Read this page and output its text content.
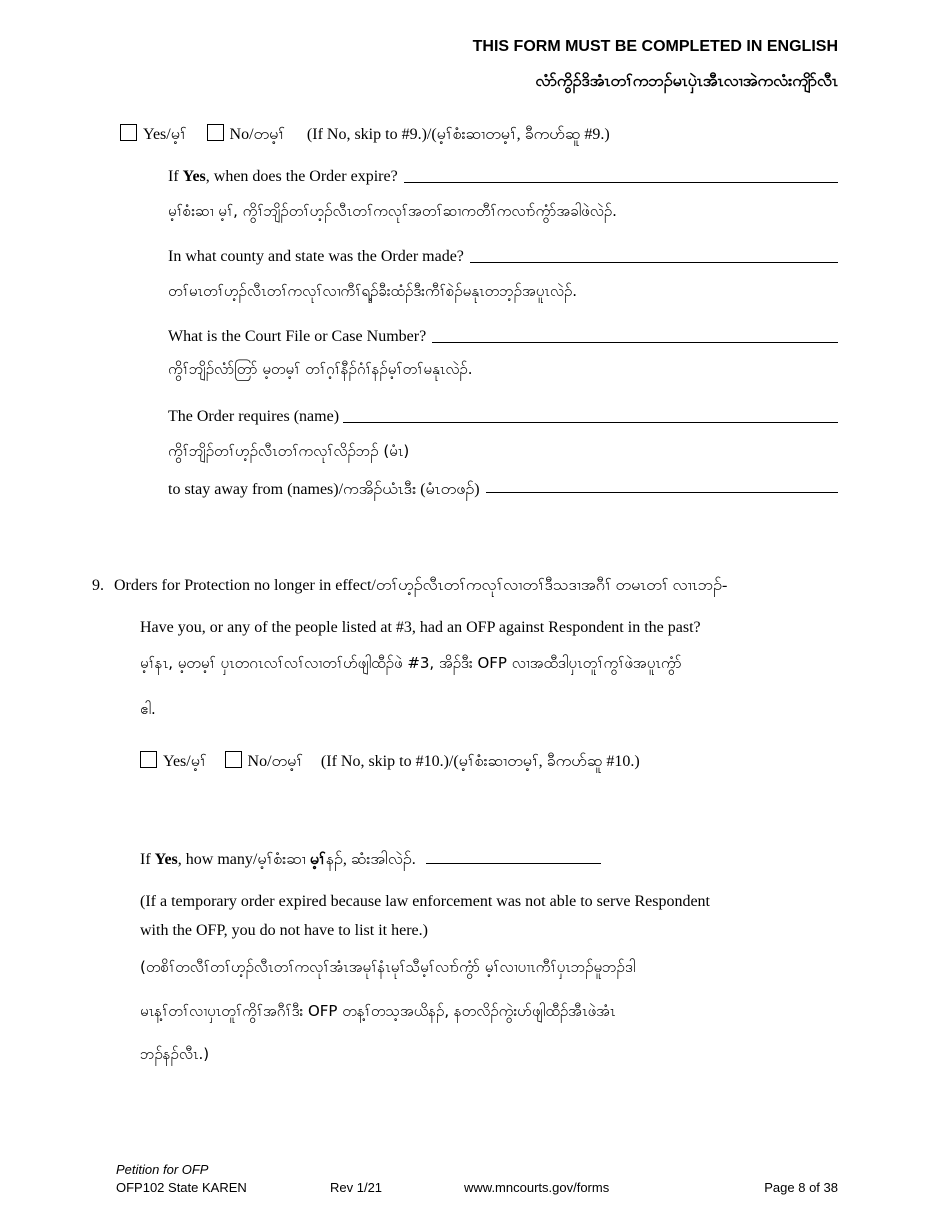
THIS FORM MUST BE COMPLETED IN ENGLISH
လံာ်ကွိၣ်ဒိအံၤတၢ်ကဘၣ်မၤပှဲၤအီၤလၢအဲကလံးကျိာ်လီၤ
Yes/မ့ၢ်	No/တမ့ၢ် (If No, skip to #9.)/(မ့ၢ်စံးဆၢတမ့ၢ်, ခီကဟ်ဆူ #9.)
If Yes, when does the Order expire?
မ့ၢ်စံးဆၢ မ့ၢ်, ကွိၢ်ဘျိၣ်တၢ်ဟ့ၣ်လီၤတၢ်ကလုၢ်အတၢ်ဆၢကတီၢ်ကလၢာ်ကွံာ်အခါဖဲလဲၣ်.
In what county and state was the Order made?
တၢ်မၤတၢ်ဟ့ၣ်လီၤတၢ်ကလုၢ်လၢကီၢ်ရ့ၣ်ခီးထံၣ်ဒီးကီၢ်စဲၣ်မနုၤတဘ့ၣ်အပူၤလဲၣ်.
What is the Court File or Case Number?
ကွိၢ်ဘျိၣ်လံာ်တြာ် မ့တမ့ၢ် တၢ်ဂ့ၢ်နီၣ်ဂံၢ်နၣ်မ့ၢ်တၢ်မနုၤလဲၣ်.
The Order requires (name)
ကွိၢ်ဘျိၣ်တၢ်ဟ့ၣ်လီၤတၢ်ကလုၢ်လိၣ်ဘၣ် (မံၤ)
to stay away from (names)/ကအိၣ်ယံၤဒီး (မံၤတဖၣ်)
9. Orders for Protection no longer in effect/တၢ်ဟ့ၣ်လီၤတၢ်ကလုၢ်လၢတၢ်ဒီသဒၢအဂီၢ် တမၤတၢ် လၢၤဘၣ်-
Have you, or any of the people listed at #3, had an OFP against Respondent in the past?
မ့ၢ်နၤ, မ့တမ့ၢ် ပှၤတဂၤလၢ်လၢ်လၢတၢ်ဟ်ဖျါထီၣ်ဖဲ #3, အိၣ်ဒီး OFP လၢအထီဒါပှၤတူၢ်ကွၢ်ဖဲအပူၤကွံာ်
ဧါ.
Yes/မ့ၢ်	No/တမ့ၢ် (If No, skip to #10.)/(မ့ၢ်စံးဆၢတမ့ၢ်, ခီကဟ်ဆူ #10.)
If Yes, how many/မ့ၢ်စံးဆၢ မ့ၢ်နၣ်, ဆံးအါလဲၣ်.
(If a temporary order expired because law enforcement was not able to serve Respondent
with the OFP, you do not have to list it here.)
(တစိၢ်တလီၢ်တၢ်ဟ့ၣ်လီၤတၢ်ကလုၢ်အံၤအမုၢ်နံၤမုၢ်သီမ့ၢ်လၢာ်ကွံာ် မ့ၢ်လၢပၢၤကီၢ်ပှၤဘၣ်မူဘၣ်ဒါ
မၤန့ၢ်တၢ်လၢပှၤတူၢ်ကွိၢ်အဂီၢ်ဒီး OFP တန့ၢ်တသ့အယိနၣ်, နတလိၣ်ကွဲးဟ်ဖျါထီၣ်အီၤဖဲအံၤ
ဘၣ်နၣ်လီၤ.)
Petition for OFP
OFP102 State KAREN	Rev 1/21	www.mncourts.gov/forms	Page 8 of 38
